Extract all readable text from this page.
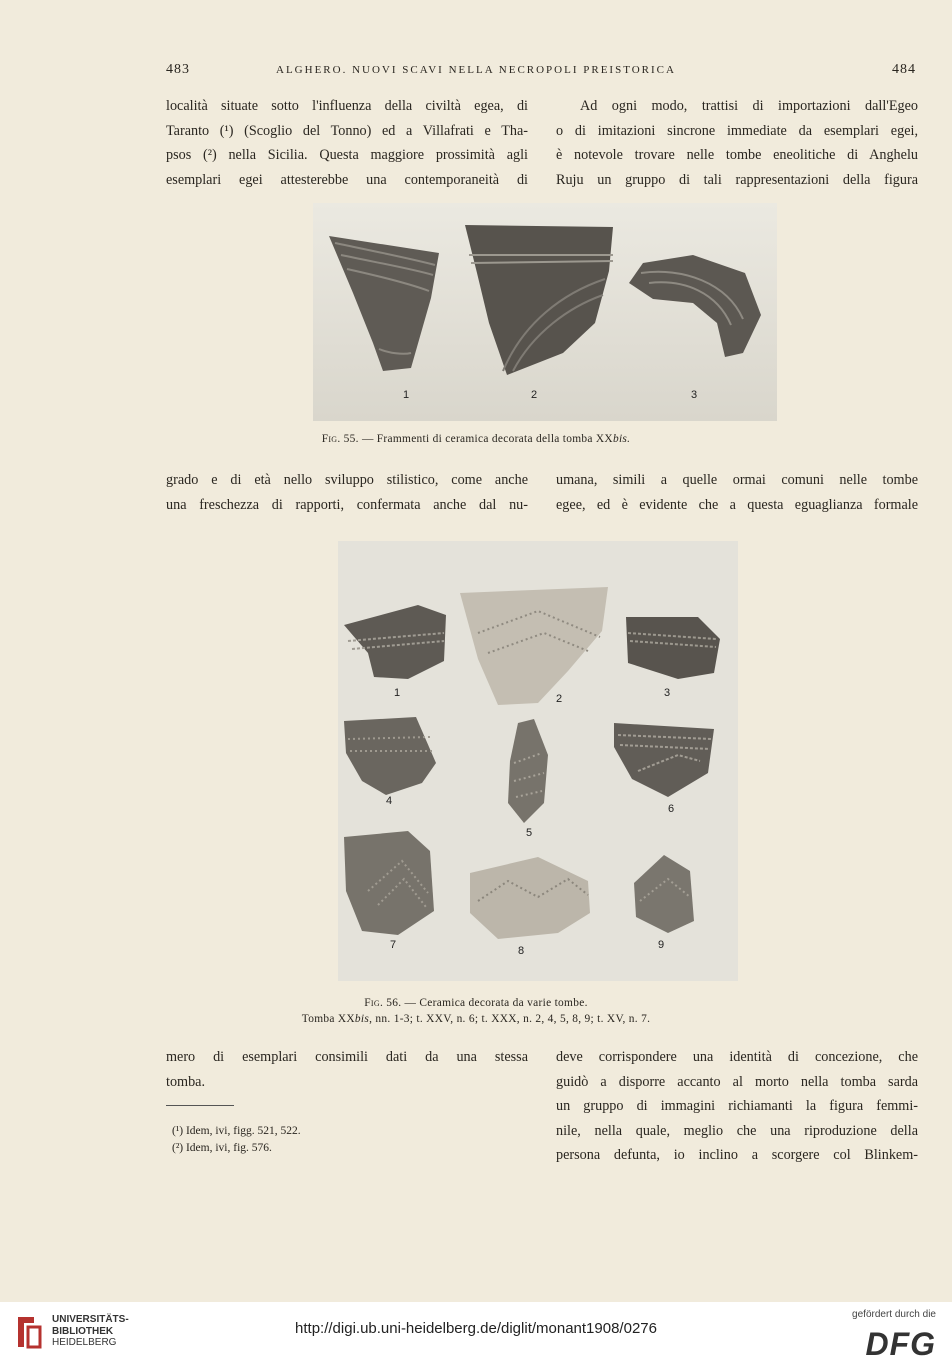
483	ALGHERO. NUOVI SCAVI NELLA NECROPOLI PREISTORICA	484
località situate sotto l'influenza della civiltà egea, di
Taranto (¹) (Scoglio del Tonno) ed a Villafrati e Tha-
psos (²) nella Sicilia. Questa maggiore prossimità agli
esemplari egei attesterebbe una contemporaneità di
Ad ogni modo, trattisi di importazioni dall'Egeo
o di imitazioni sincrone immediate da esemplari egei,
è notevole trovare nelle tombe eneolitiche di Anghelu
Ruju un gruppo di tali rappresentazioni della figura
1	2	3
Fig. 55. — Frammenti di ceramica decorata della tomba XXbis.
grado e di età nello sviluppo stilistico, come anche
una freschezza di rapporti, confermata anche dal nu-
umana, simili a quelle ormai comuni nelle tombe
egee, ed è evidente che a questa eguaglianza formale
1	2	3
4
5
6
7	8	9
Fig. 56. — Ceramica decorata da varie tombe.
Tomba XXbis, nn. 1-3; t. XXV, n. 6; t. XXX, n. 2, 4, 5, 8, 9; t. XV, n. 7.
mero di esemplari consimili dati da una stessa
tomba.
deve corrispondere una identità di concezione, che
guidò a disporre accanto al morto nella tomba sarda
un gruppo di immagini richiamanti la figura femmi-
nile, nella quale, meglio che una riproduzione della
persona defunta, io inclino a scorgere col Blinkem-
(¹) Idem, ivi, figg. 521, 522.
(²) Idem, ivi, fig. 576.
UNIVERSITÄTS-
BIBLIOTHEK
HEIDELBERG
http://digi.ub.uni-heidelberg.de/diglit/monant1908/0276
gefördert durch die
DFG
